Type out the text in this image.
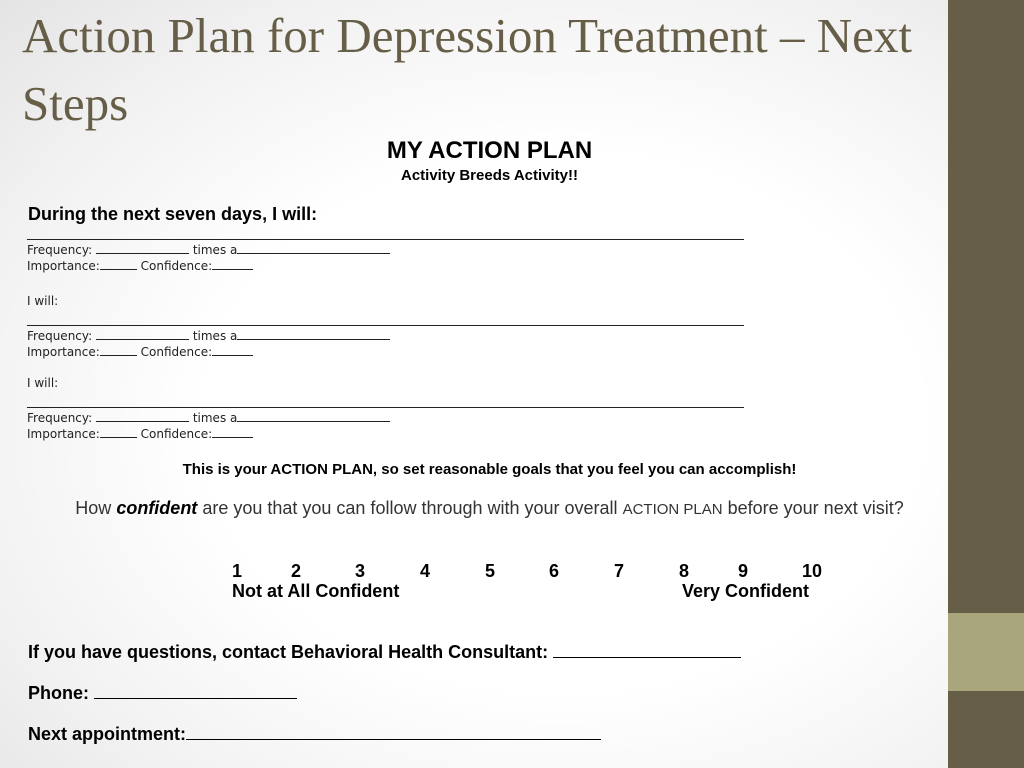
Action Plan for Depression Treatment – Next Steps
MY ACTION PLAN
Activity Breeds Activity!!
During the next seven days, I will:
Frequency:	times a
Importance:	Confidence:
I will:
Frequency:	times a
Importance:	Confidence:
I will:
Frequency:	times a
Importance:	Confidence:
This is your ACTION PLAN, so set reasonable goals that you feel you can accomplish!
How confident are you that you can follow through with your overall ACTION PLAN before your next visit?
1	2	3	4	5	6	7	8	9	10
Not at All Confident	Very Confident
If you have questions, contact Behavioral Health Consultant:
Phone:
Next appointment:
